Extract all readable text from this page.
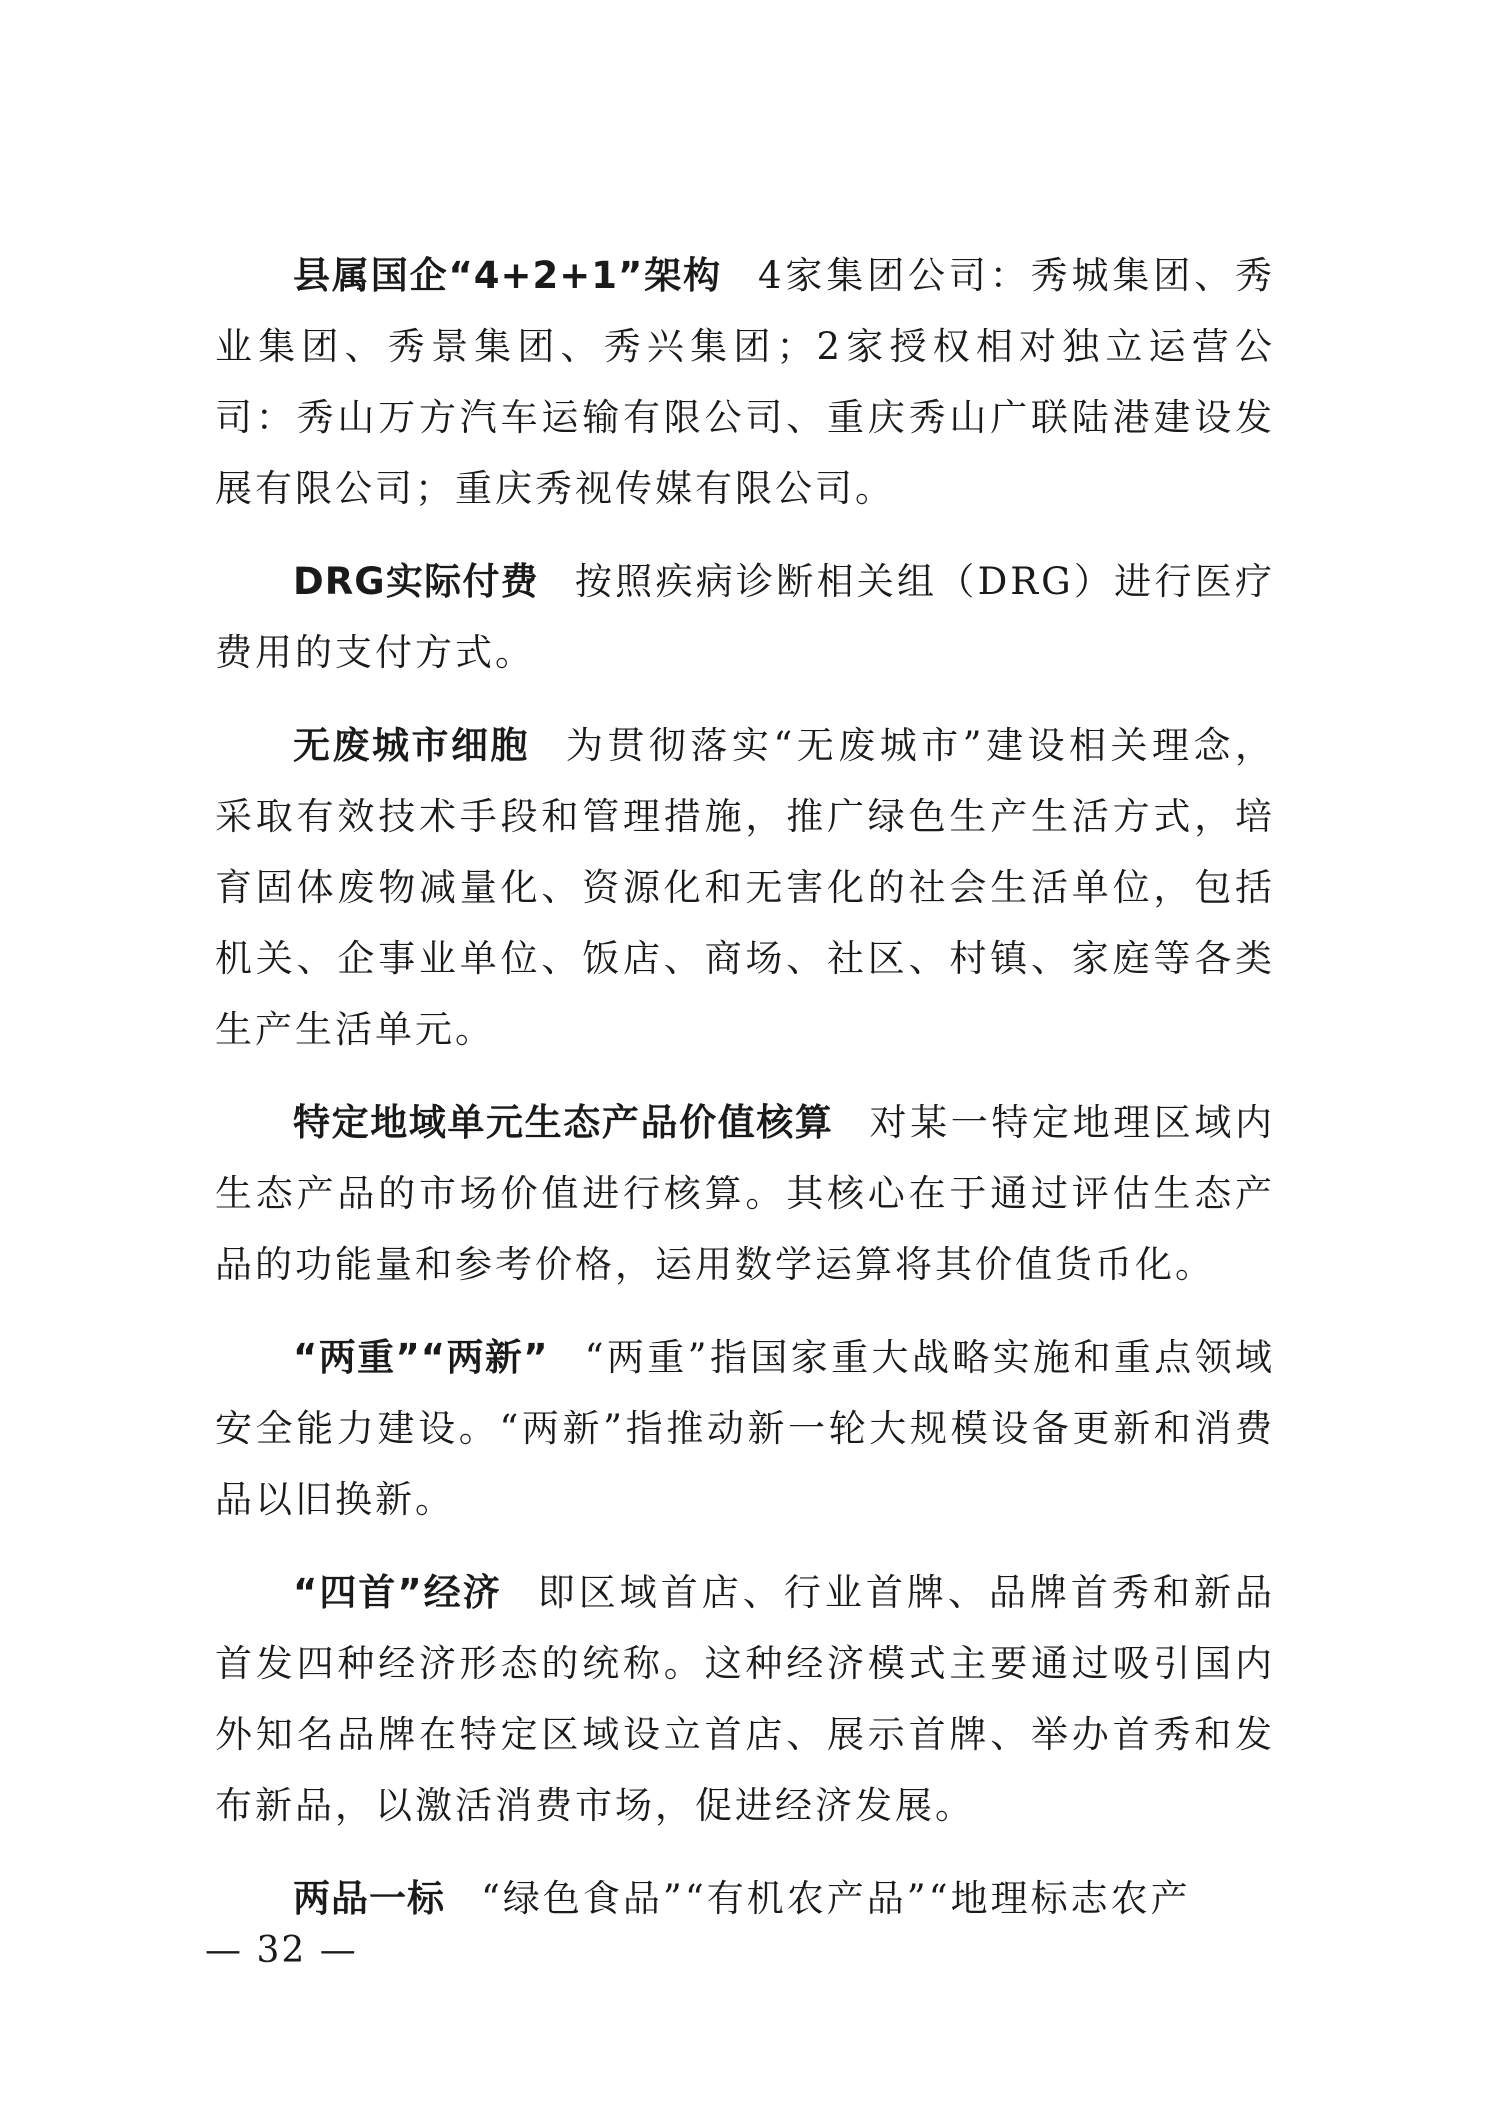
县属国企“4+2+1”架构 4家集团公司：秀城集团、秀业集团、秀景集团、秀兴集团；2家授权相对独立运营公司：秀山万方汽车运输有限公司、重庆秀山广联陆港建设发展有限公司；重庆秀视传媒有限公司。

DRG实际付费 按照疾病诊断相关组（DRG）进行医疗费用的支付方式。

无废城市细胞 为贯彻落实“无废城市”建设相关理念，采取有效技术手段和管理措施，推广绿色生产生活方式，培育固体废物减量化、资源化和无害化的社会生活单位，包括机关、企事业单位、饭店、商场、社区、村镇、家庭等各类生产生活单元。

特定地域单元生态产品价值核算 对某一特定地理区域内生态产品的市场价值进行核算。其核心在于通过评估生态产品的功能量和参考价格，运用数学运算将其价值货币化。

“两重”“两新” “两重”指国家重大战略实施和重点领域安全能力建设。“两新”指推动新一轮大规模设备更新和消费品以旧换新。

“四首”经济 即区域首店、行业首牌、品牌首秀和新品首发四种经济形态的统称。这种经济模式主要通过吸引国内外知名品牌在特定区域设立首店、展示首牌、举办首秀和发布新品，以激活消费市场，促进经济发展。

两品一标 “绿色食品”“有机农产品”“地理标志农产

— 32 —
